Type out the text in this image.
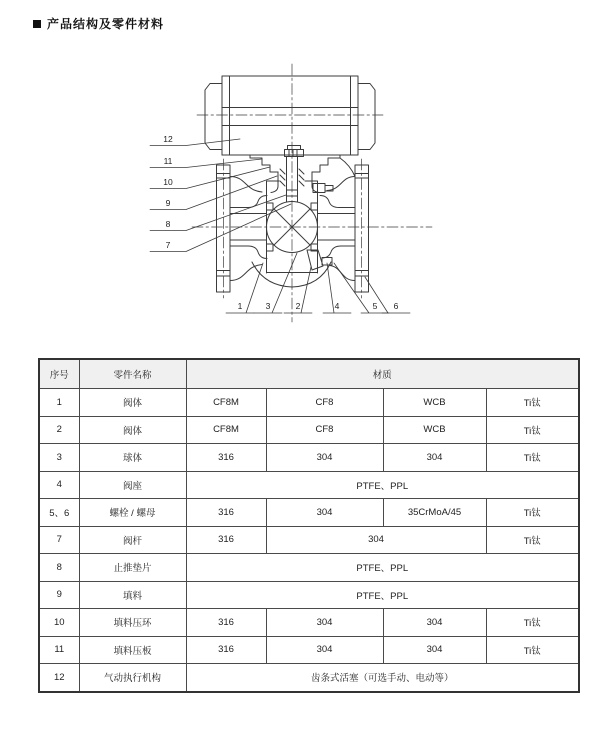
产品结构及零件材料
12
11
10
9
8
7
1	3	2	4	5 6
序号	零件名称	材质			
1	阀体	CF8M	CF8	WCB	Ti钛
2	阀体	CF8M	CF8	WCB	Ti钛
3	球体	316	304	304	Ti钛
4	阀座	PTFE、PPL			
5、6	螺栓 / 螺母	316	304	35CrMoA/45	Ti钛
7	阀杆	316	304		Ti钛
8	止推垫片	PTFE、PPL			
9	填料	PTFE、PPL			
10	填料压环	316	304	304	Ti钛
11	填料压板	316	304	304	Ti钛
12	气动执行机构	齿条式活塞（可选手动、电动等）			
